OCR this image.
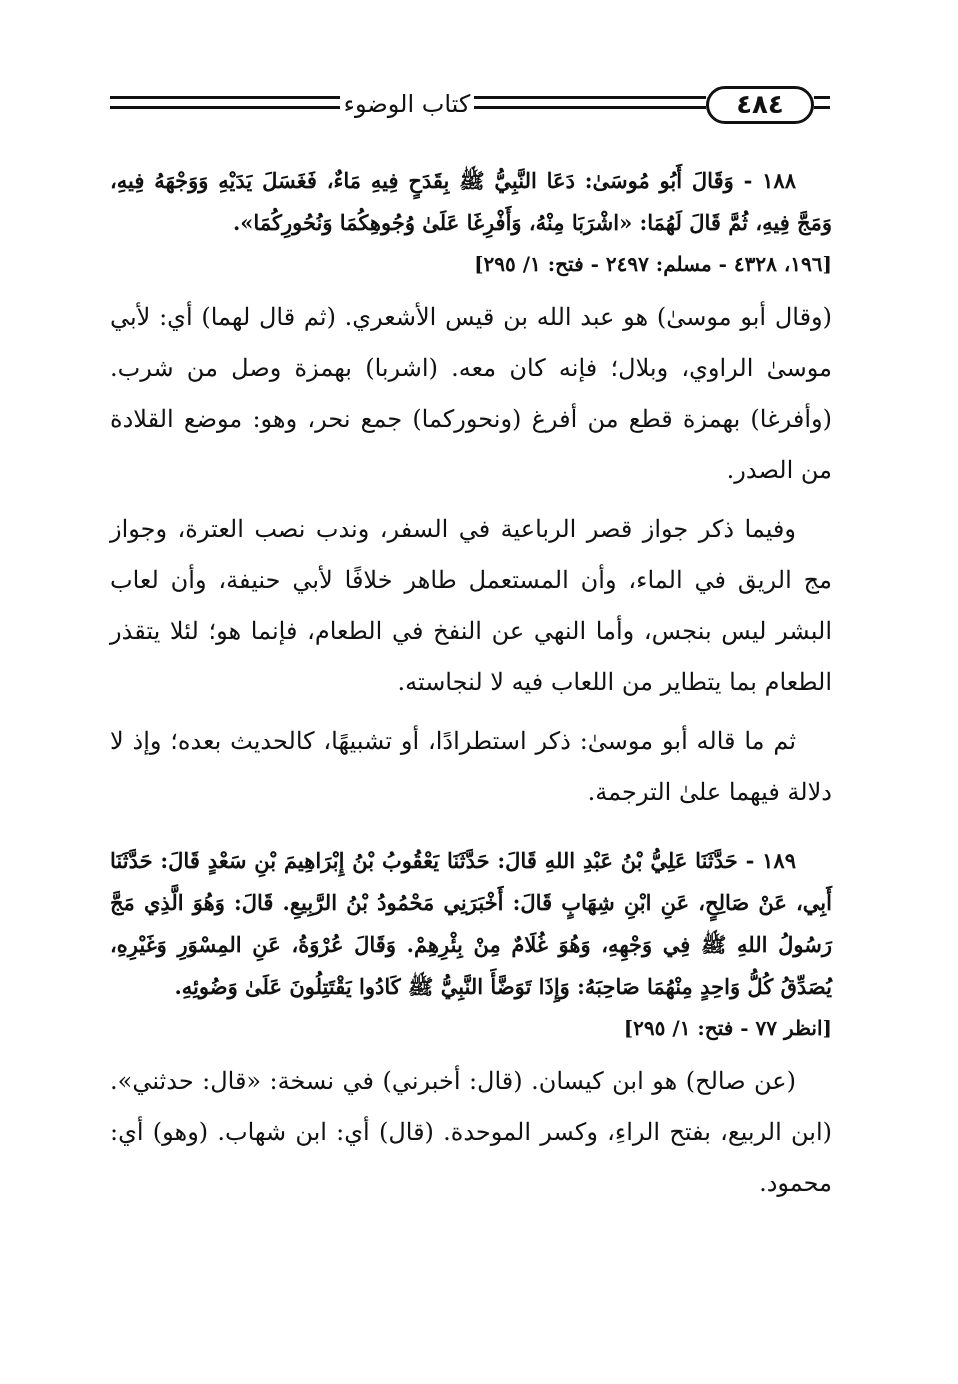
كتاب الوضوء	٤٨٤

١٨٨ - وَقَالَ أَبُو مُوسَىٰ: دَعَا النَّبِيُّ ﷺ بِقَدَحٍ فِيهِ مَاءٌ، فَغَسَلَ يَدَيْهِ وَوَجْهَهُ فِيهِ، وَمَجَّ فِيهِ، ثُمَّ قَالَ لَهُمَا: «اشْرَبَا مِنْهُ، وَأَفْرِغَا عَلَىٰ وُجُوهِكُمَا وَنُحُورِكُمَا».

[١٩٦، ٤٣٢٨ - مسلم: ٢٤٩٧ - فتح: ١/ ٢٩٥]

(وقال أبو موسىٰ) هو عبد الله بن قيس الأشعري. (ثم قال لهما) أي: لأبي موسىٰ الراوي، وبلال؛ فإنه كان معه. (اشربا) بهمزة وصل من شرب. (وأفرغا) بهمزة قطع من أفرغ (ونحوركما) جمع نحر، وهو: موضع القلادة من الصدر.

وفيما ذكر جواز قصر الرباعية في السفر، وندب نصب العترة، وجواز مج الريق في الماء، وأن المستعمل طاهر خلافًا لأبي حنيفة، وأن لعاب البشر ليس بنجس، وأما النهي عن النفخ في الطعام، فإنما هو؛ لئلا يتقذر الطعام بما يتطاير من اللعاب فيه لا لنجاسته.

ثم ما قاله أبو موسىٰ: ذكر استطرادًا، أو تشبيهًا، كالحديث بعده؛ وإذ لا دلالة فيهما علىٰ الترجمة.

١٨٩ - حَدَّثَنَا عَلِيُّ بْنُ عَبْدِ اللهِ قَالَ: حَدَّثَنَا يَعْقُوبُ بْنُ إِبْرَاهِيمَ بْنِ سَعْدٍ قَالَ: حَدَّثَنَا أَبِي، عَنْ صَالِحٍ، عَنِ ابْنِ شِهَابٍ قَالَ: أَخْبَرَنِي مَحْمُودُ بْنُ الرَّبِيعِ. قَالَ: وَهُوَ الَّذِي مَجَّ رَسُولُ اللهِ ﷺ فِي وَجْهِهِ، وَهُوَ غُلَامٌ مِنْ بِئْرِهِمْ. وَقَالَ عُرْوَةُ، عَنِ المِسْوَرِ وَغَيْرِهِ، يُصَدِّقُ كُلُّ وَاحِدٍ مِنْهُمَا صَاحِبَهُ: وَإِذَا تَوَضَّأَ النَّبِيُّ ﷺ كَادُوا يَقْتَتِلُونَ عَلَىٰ وَضُوئِهِ.

[انظر ٧٧ - فتح: ١/ ٢٩٥]

(عن صالح) هو ابن كيسان. (قال: أخبرني) في نسخة: «قال: حدثني». (ابن الربيع، بفتح الراءِ، وكسر الموحدة. (قال) أي: ابن شهاب. (وهو) أي: محمود.
